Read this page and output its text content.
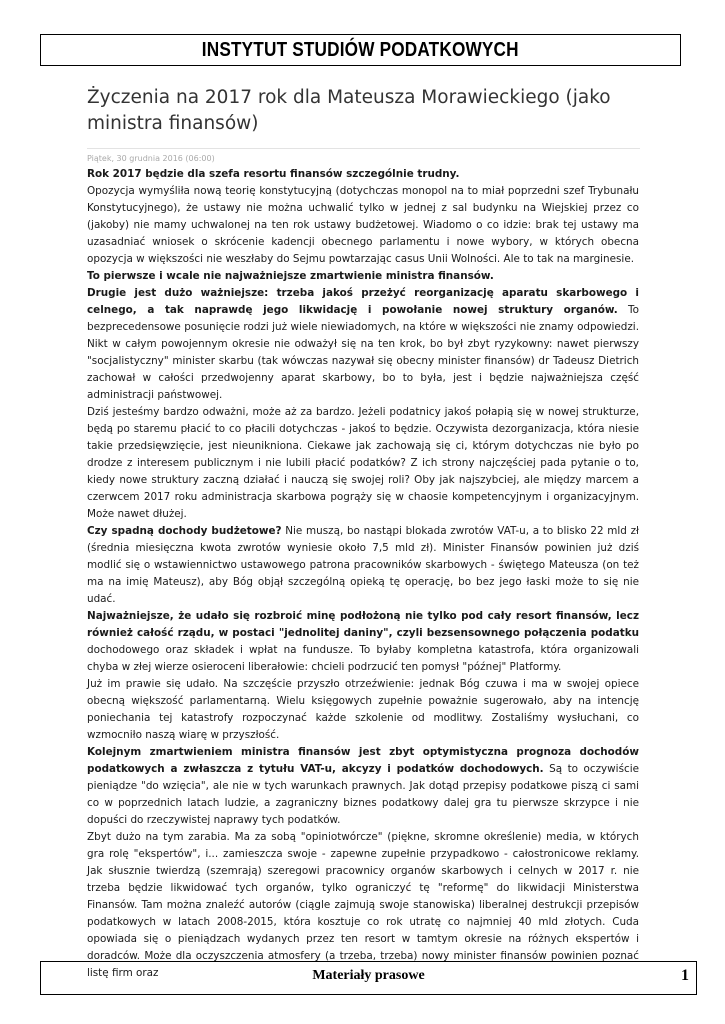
INSTYTUT STUDIÓW PODATKOWYCH
Życzenia na 2017 rok dla Mateusza Morawieckiego (jako ministra finansów)
Piątek, 30 grudnia 2016 (06:00)

Rok 2017 będzie dla szefa resortu finansów szczególnie trudny.

Opozycja wymyśliła nową teorię konstytucyjną (dotychczas monopol na to miał poprzedni szef Trybunału Konstytucyjnego), że ustawy nie można uchwalić tylko w jednej z sal budynku na Wiejskiej przez co (jakoby) nie mamy uchwalonej na ten rok ustawy budżetowej. Wiadomo o co idzie: brak tej ustawy ma uzasadniać wniosek o skrócenie kadencji obecnego parlamentu i nowe wybory, w których obecna opozycja w większości nie weszłaby do Sejmu powtarzając casus Unii Wolności. Ale to tak na marginesie.

To pierwsze i wcale nie najważniejsze zmartwienie ministra finansów.

Drugie jest dużo ważniejsze: trzeba jakoś przeżyć reorganizację aparatu skarbowego i celnego, a tak naprawdę jego likwidację i powołanie nowej struktury organów. To bezprecedensowe posunięcie rodzi już wiele niewiadomych, na które w większości nie znamy odpowiedzi. Nikt w całym powojennym okresie nie odważył się na ten krok, bo był zbyt ryzykowny: nawet pierwszy "socjalistyczny" minister skarbu (tak wówczas nazywał się obecny minister finansów) dr Tadeusz Dietrich zachował w całości przedwojenny aparat skarbowy, bo to była, jest i będzie najważniejsza część administracji państwowej.

Dziś jesteśmy bardzo odważni, może aż za bardzo. Jeżeli podatnicy jakoś połapią się w nowej strukturze, będą po staremu płacić to co płacili dotychczas - jakoś to będzie. Oczywista dezorganizacja, która niesie takie przedsięwzięcie, jest nieunikniona. Ciekawe jak zachowają się ci, którym dotychczas nie było po drodze z interesem publicznym i nie lubili płacić podatków? Z ich strony najczęściej pada pytanie o to, kiedy nowe struktury zaczną działać i nauczą się swojej roli? Oby jak najszybciej, ale między marcem a czerwcem 2017 roku administracja skarbowa pogrąży się w chaosie kompetencyjnym i organizacyjnym. Może nawet dłużej.

Czy spadną dochody budżetowe? Nie muszą, bo nastąpi blokada zwrotów VAT-u, a to blisko 22 mld zł (średnia miesięczna kwota zwrotów wyniesie około 7,5 mld zł). Minister Finansów powinien już dziś modlić się o wstawiennictwo ustawowego patrona pracowników skarbowych - świętego Mateusza (on też ma na imię Mateusz), aby Bóg objął szczególną opieką tę operację, bo bez jego łaski może to się nie udać.

Najważniejsze, że udało się rozbroić minę podłożoną nie tylko pod cały resort finansów, lecz również całość rządu, w postaci "jednolitej daniny", czyli bezsensownego połączenia podatku dochodowego oraz składek i wpłat na fundusze. To byłaby kompletna katastrofa, która organizowali chyba w złej wierze osieroceni liberałowie: chcieli podrzucić ten pomysł "późnej" Platformy.

Już im prawie się udało. Na szczęście przyszło otrzeźwienie: jednak Bóg czuwa i ma w swojej opiece obecną większość parlamentarną. Wielu księgowych zupełnie poważnie sugerowało, aby na intencję poniechania tej katastrofy rozpoczynać każde szkolenie od modlitwy. Zostaliśmy wysłuchani, co wzmocniło naszą wiarę w przyszłość.

Kolejnym zmartwieniem ministra finansów jest zbyt optymistyczna prognoza dochodów podatkowych a zwłaszcza z tytułu VAT-u, akcyzy i podatków dochodowych. Są to oczywiście pieniądze "do wzięcia", ale nie w tych warunkach prawnych. Jak dotąd przepisy podatkowe piszą ci sami co w poprzednich latach ludzie, a zagraniczny biznes podatkowy dalej gra tu pierwsze skrzypce i nie dopuści do rzeczywistej naprawy tych podatków.

Zbyt dużo na tym zarabia. Ma za sobą "opiniotwórcze" (piękne, skromne określenie) media, w których gra rolę "ekspertów", i... zamieszcza swoje - zapewne zupełnie przypadkowo - całostronicowe reklamy. Jak słusznie twierdzą (szemrają) szeregowi pracownicy organów skarbowych i celnych w 2017 r. nie trzeba będzie likwidować tych organów, tylko ograniczyć tę "reformę" do likwidacji Ministerstwa Finansów. Tam można znaleźć autorów (ciągle zajmują swoje stanowiska) liberalnej destrukcji przepisów podatkowych w latach 2008-2015, która kosztuje co rok utratę co najmniej 40 mld złotych. Cuda opowiada się o pieniądzach wydanych przez ten resort w tamtym okresie na różnych ekspertów i doradców. Może dla oczyszczenia atmosfery (a trzeba, trzeba) nowy minister finansów powinien poznać listę firm oraz	Materiały prasowe	1
